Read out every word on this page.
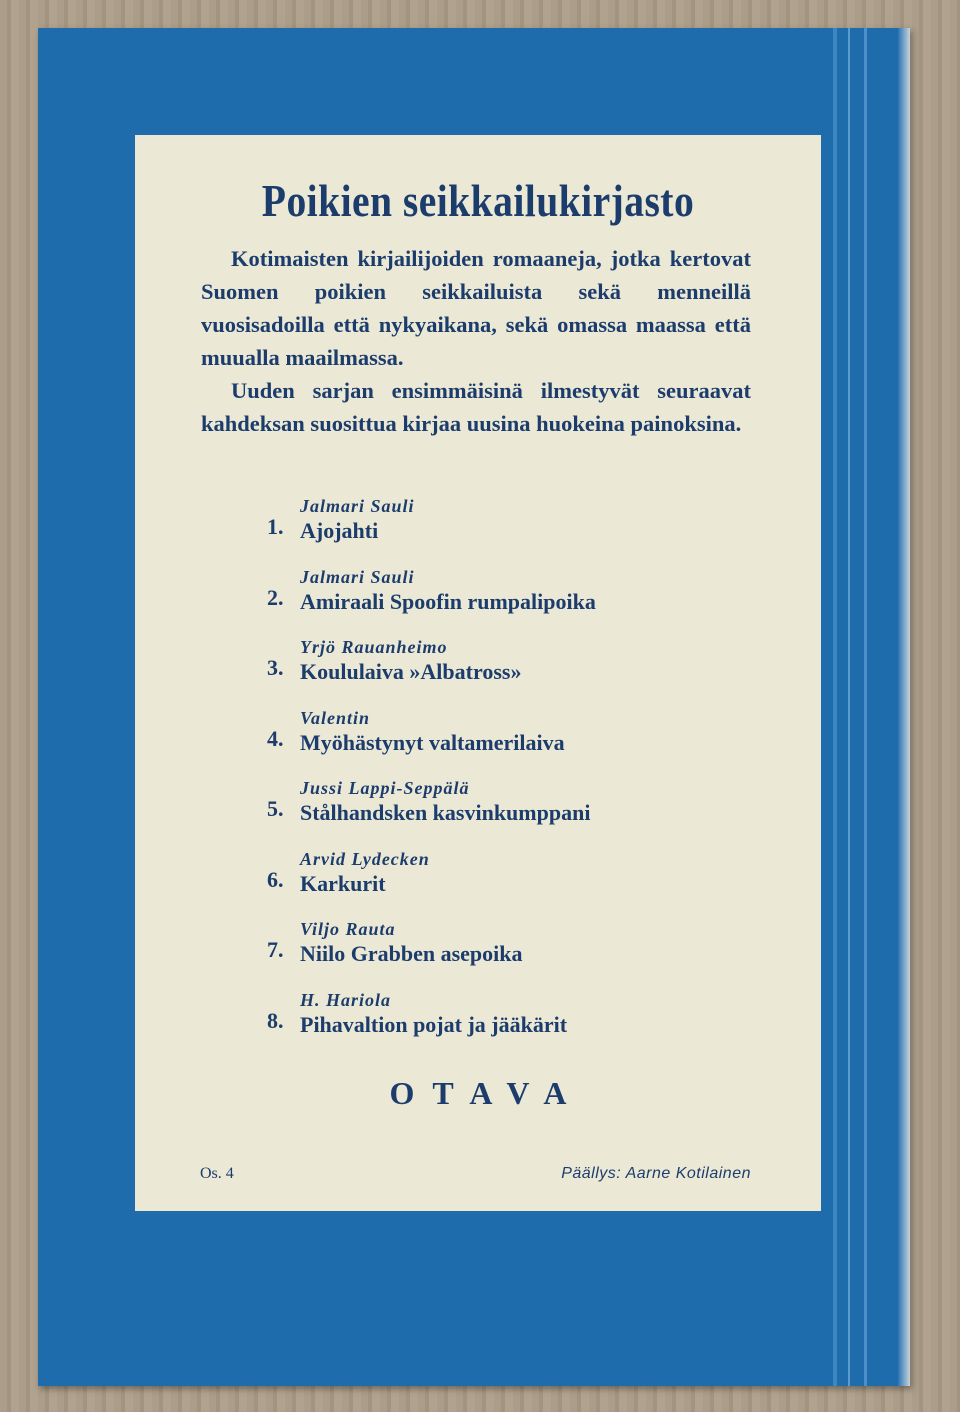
Poikien seikkailukirjasto

Kotimaisten kirjailijoiden romaaneja, jotka kertovat Suomen poikien seikkailuista sekä menneillä vuosisadoilla että nykyaikana, sekä omassa maassa että muualla maailmassa.

Uuden sarjan ensimmäisinä ilmestyvät seuraavat kahdeksan suosittua kirjaa uusina huokeina painoksina.

1.
Jalmari Sauli
Ajojahti
2.
Jalmari Sauli
Amiraali Spoofin rumpalipoika
3.
Yrjö Rauanheimo
Koululaiva »Albatross»
4.
Valentin
Myöhästynyt valtamerilaiva
5.
Jussi Lappi-Seppälä
Stålhandsken kasvinkumppani
6.
Arvid Lydecken
Karkurit
7.
Viljo Rauta
Niilo Grabben asepoika
8.
H. Hariola
Pihavaltion pojat ja jääkärit
OTAVA
Os. 4	Päällys: Aarne Kotilainen
